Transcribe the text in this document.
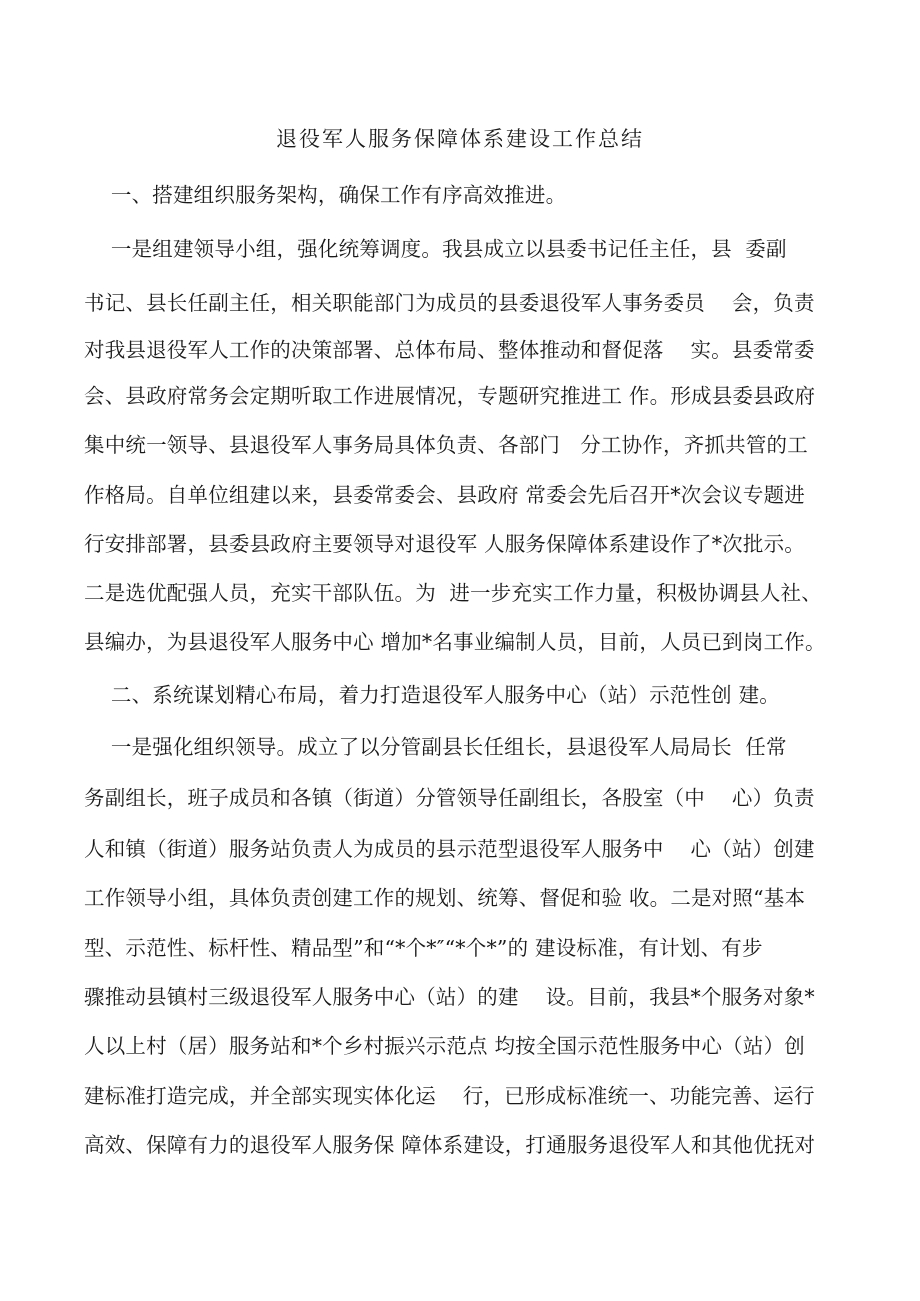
退役军人服务保障体系建设工作总结
一、搭建组织服务架构，确保工作有序高效推进。
一是组建领导小组，强化统筹调度。我县成立以县委书记任主任，县  委副
书记、县长任副主任，相关职能部门为成员的县委退役军人事务委员    会，负责
对我县退役军人工作的决策部署、总体布局、整体推动和督促落    实。县委常委
会、县政府常务会定期听取工作进展情况，专题研究推进工 作。形成县委县政府
集中统一领导、县退役军人事务局具体负责、各部门   分工协作，齐抓共管的工
作格局。自单位组建以来，县委常委会、县政府 常委会先后召开*次会议专题进
行安排部署，县委县政府主要领导对退役军 人服务保障体系建设作了*次批示。
二是选优配强人员，充实干部队伍。为  进一步充实工作力量，积极协调县人社、
县编办，为县退役军人服务中心 增加*名事业编制人员，目前，人员已到岗工作。
二、系统谋划精心布局，着力打造退役军人服务中心（站）示范性创 建。
一是强化组织领导。成立了以分管副县长任组长，县退役军人局局长  任常
务副组长，班子成员和各镇（街道）分管领导任副组长，各股室（中    心）负责
人和镇（街道）服务站负责人为成员的县示范型退役军人服务中    心（站）创建
工作领导小组，具体负责创建工作的规划、统筹、督促和验 收。二是对照“基本
型、示范性、标杆性、精品型”和“*个*″“*个*”的 建设标准，有计划、有步
骤推动县镇村三级退役军人服务中心（站）的建    设。目前，我县*个服务对象*
人以上村（居）服务站和*个乡村振兴示范点 均按全国示范性服务中心（站）创
建标准打造完成，并全部实现实体化运    行，已形成标准统一、功能完善、运行
高效、保障有力的退役军人服务保 障体系建设，打通服务退役军人和其他优抚对
